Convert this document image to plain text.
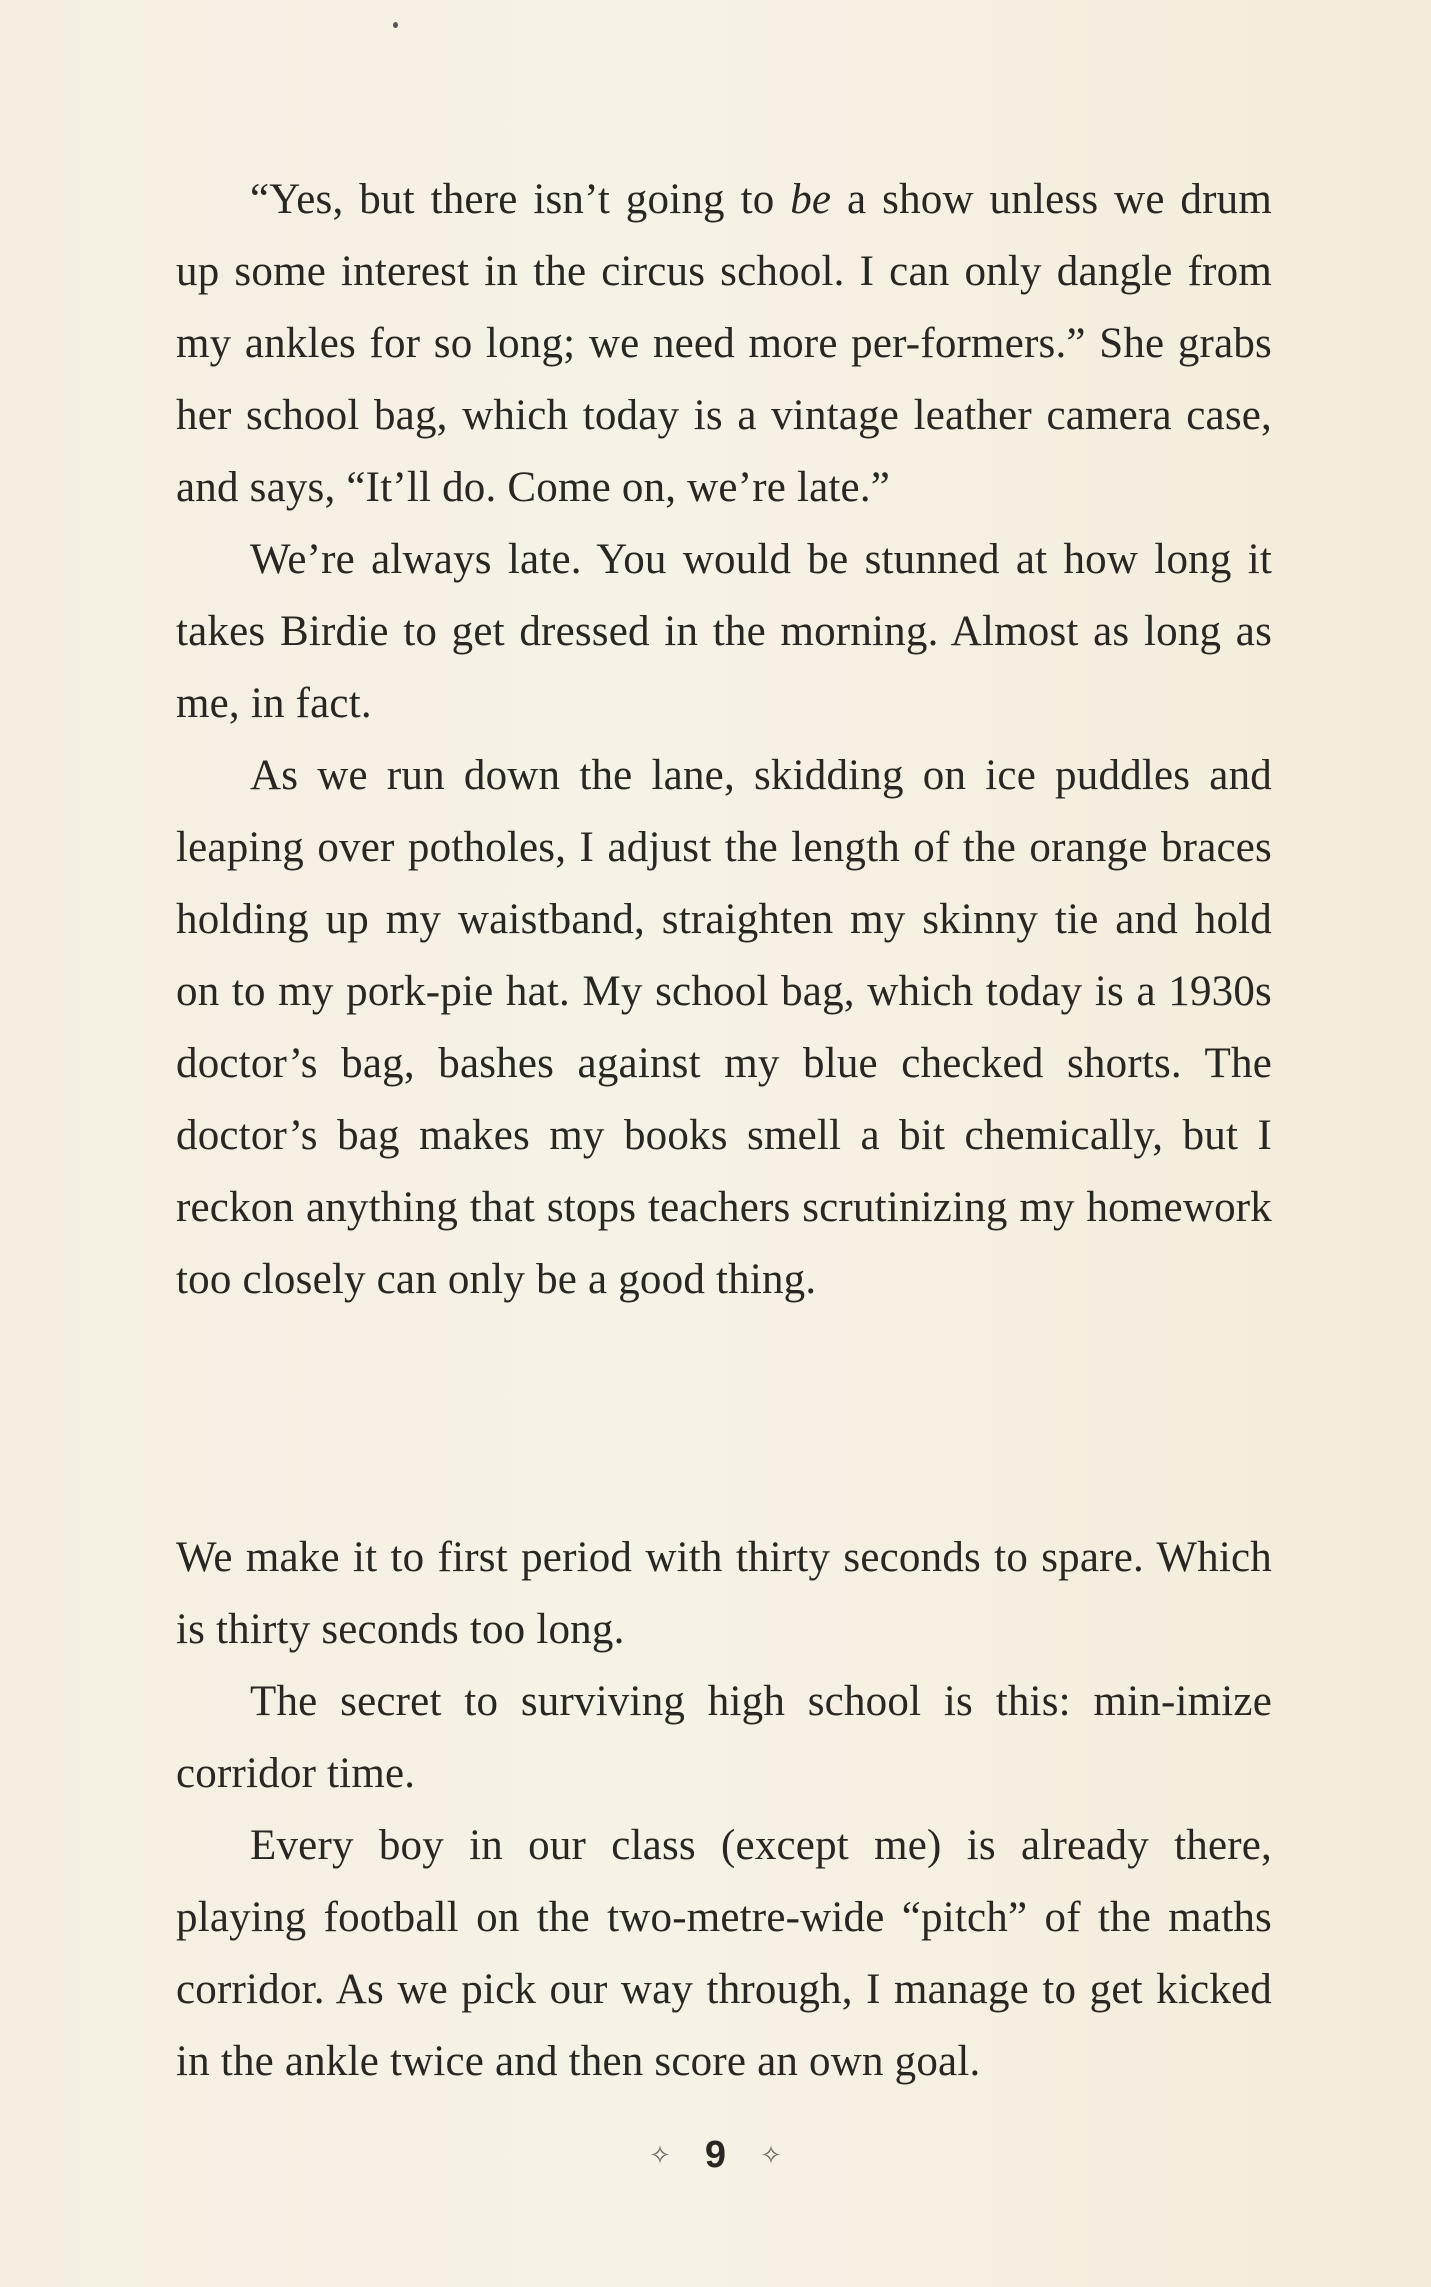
“Yes, but there isn’t going to be a show unless we drum up some interest in the circus school. I can only dangle from my ankles for so long; we need more per-formers.” She grabs her school bag, which today is a vintage leather camera case, and says, “It’ll do. Come on, we’re late.”

We’re always late. You would be stunned at how long it takes Birdie to get dressed in the morning. Almost as long as me, in fact.

As we run down the lane, skidding on ice puddles and leaping over potholes, I adjust the length of the orange braces holding up my waistband, straighten my skinny tie and hold on to my pork-pie hat. My school bag, which today is a 1930s doctor’s bag, bashes against my blue checked shorts. The doctor’s bag makes my books smell a bit chemically, but I reckon anything that stops teachers scrutinizing my homework too closely can only be a good thing.

We make it to first period with thirty seconds to spare. Which is thirty seconds too long.

The secret to surviving high school is this: min-imize corridor time.

Every boy in our class (except me) is already there, playing football on the two-metre-wide “pitch” of the maths corridor. As we pick our way through, I manage to get kicked in the ankle twice and then score an own goal.

✧ 9 ✧
